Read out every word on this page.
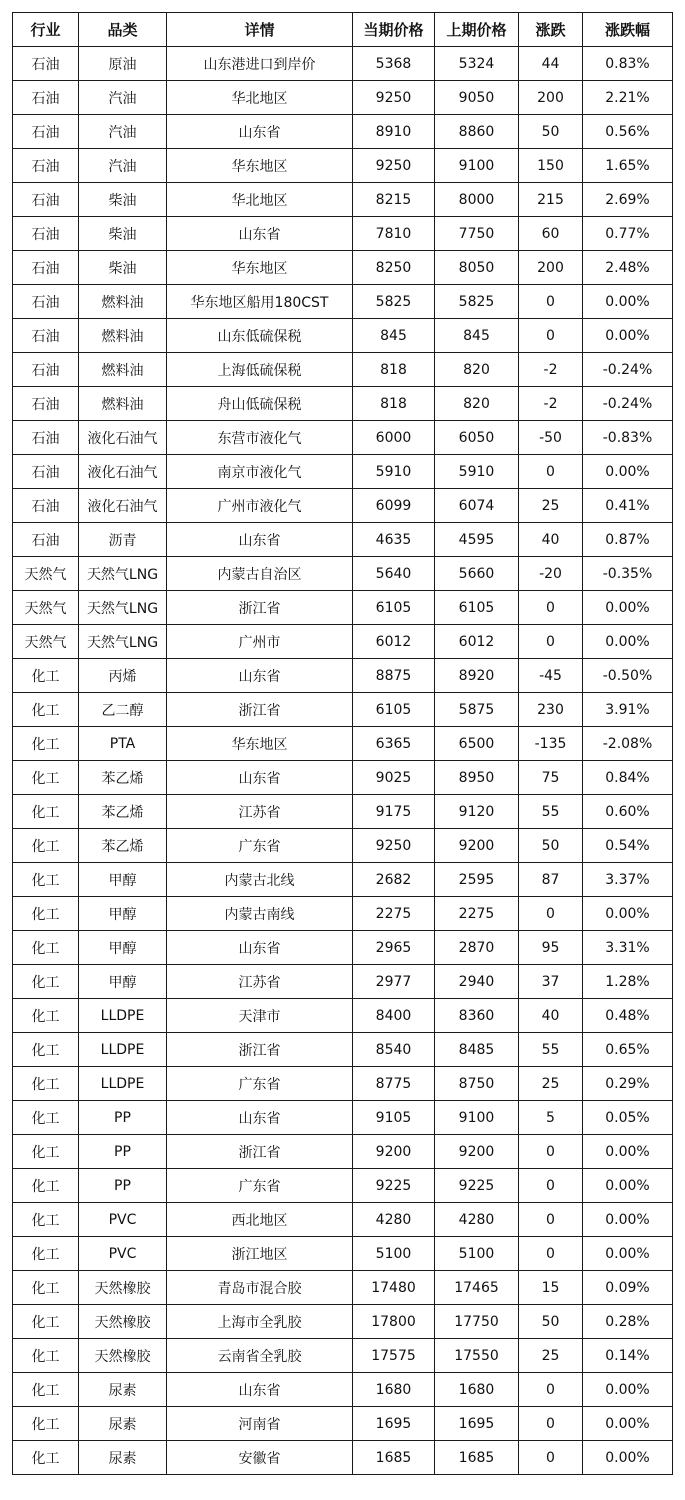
行业	品类	详情	当期价格	上期价格	涨跌	涨跌幅
石油	原油	山东港进口到岸价	5368	5324	44	0.83%
石油	汽油	华北地区	9250	9050	200	2.21%
石油	汽油	山东省	8910	8860	50	0.56%
石油	汽油	华东地区	9250	9100	150	1.65%
石油	柴油	华北地区	8215	8000	215	2.69%
石油	柴油	山东省	7810	7750	60	0.77%
石油	柴油	华东地区	8250	8050	200	2.48%
石油	燃料油	华东地区船用180CST	5825	5825	0	0.00%
石油	燃料油	山东低硫保税	845	845	0	0.00%
石油	燃料油	上海低硫保税	818	820	-2	-0.24%
石油	燃料油	舟山低硫保税	818	820	-2	-0.24%
石油	液化石油气	东营市液化气	6000	6050	-50	-0.83%
石油	液化石油气	南京市液化气	5910	5910	0	0.00%
石油	液化石油气	广州市液化气	6099	6074	25	0.41%
石油	沥青	山东省	4635	4595	40	0.87%
天然气	天然气LNG	内蒙古自治区	5640	5660	-20	-0.35%
天然气	天然气LNG	浙江省	6105	6105	0	0.00%
天然气	天然气LNG	广州市	6012	6012	0	0.00%
化工	丙烯	山东省	8875	8920	-45	-0.50%
化工	乙二醇	浙江省	6105	5875	230	3.91%
化工	PTA	华东地区	6365	6500	-135	-2.08%
化工	苯乙烯	山东省	9025	8950	75	0.84%
化工	苯乙烯	江苏省	9175	9120	55	0.60%
化工	苯乙烯	广东省	9250	9200	50	0.54%
化工	甲醇	内蒙古北线	2682	2595	87	3.37%
化工	甲醇	内蒙古南线	2275	2275	0	0.00%
化工	甲醇	山东省	2965	2870	95	3.31%
化工	甲醇	江苏省	2977	2940	37	1.28%
化工	LLDPE	天津市	8400	8360	40	0.48%
化工	LLDPE	浙江省	8540	8485	55	0.65%
化工	LLDPE	广东省	8775	8750	25	0.29%
化工	PP	山东省	9105	9100	5	0.05%
化工	PP	浙江省	9200	9200	0	0.00%
化工	PP	广东省	9225	9225	0	0.00%
化工	PVC	西北地区	4280	4280	0	0.00%
化工	PVC	浙江地区	5100	5100	0	0.00%
化工	天然橡胶	青岛市混合胶	17480	17465	15	0.09%
化工	天然橡胶	上海市全乳胶	17800	17750	50	0.28%
化工	天然橡胶	云南省全乳胶	17575	17550	25	0.14%
化工	尿素	山东省	1680	1680	0	0.00%
化工	尿素	河南省	1695	1695	0	0.00%
化工	尿素	安徽省	1685	1685	0	0.00%
